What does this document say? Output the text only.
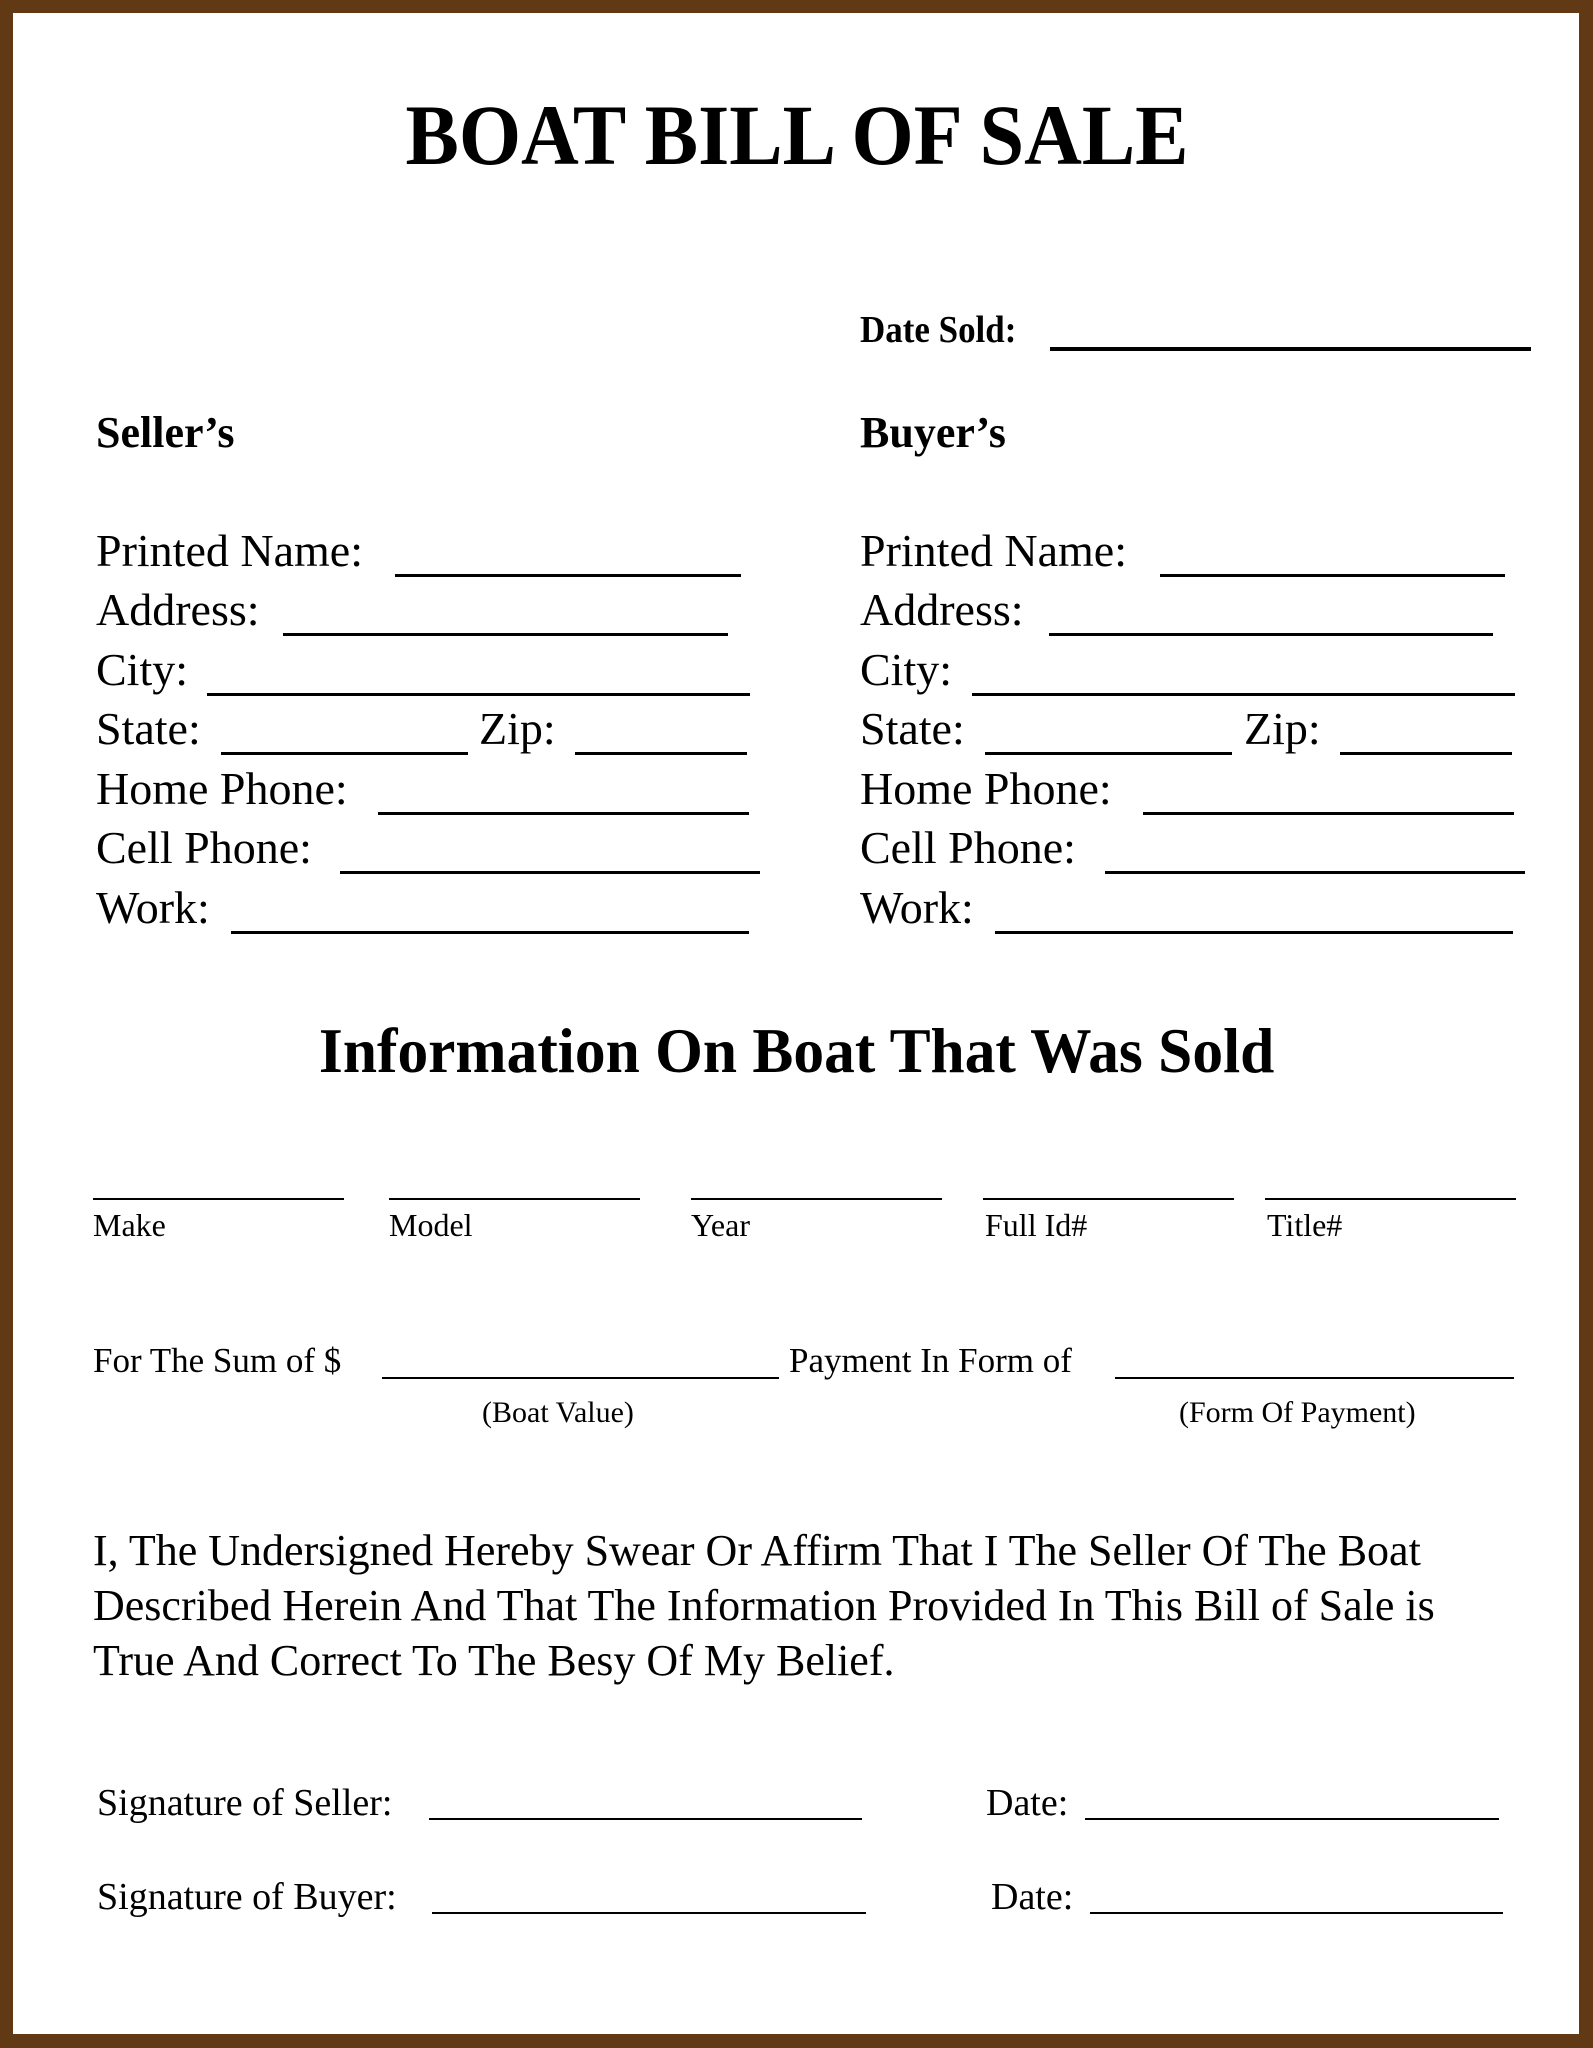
BOAT BILL OF SALE
Date Sold:
Seller’s	Buyer’s
Printed Name:
Address:
City:
State:	Zip:
Home Phone:
Cell Phone:
Work:
Printed Name:
Address:
City:
State:	Zip:
Home Phone:
Cell Phone:
Work:
Information On Boat That Was Sold
Make	Model	Year	Full Id#	Title#
For The Sum of $
(Boat Value)
Payment In Form of
(Form Of Payment)
I, The Undersigned Hereby Swear Or Affirm That I The Seller Of The Boat
Described Herein And That The Information Provided In This Bill of Sale is
True And Correct To The Besy Of My Belief.
Signature of Seller:	Date:
Signature of Buyer:	Date:
